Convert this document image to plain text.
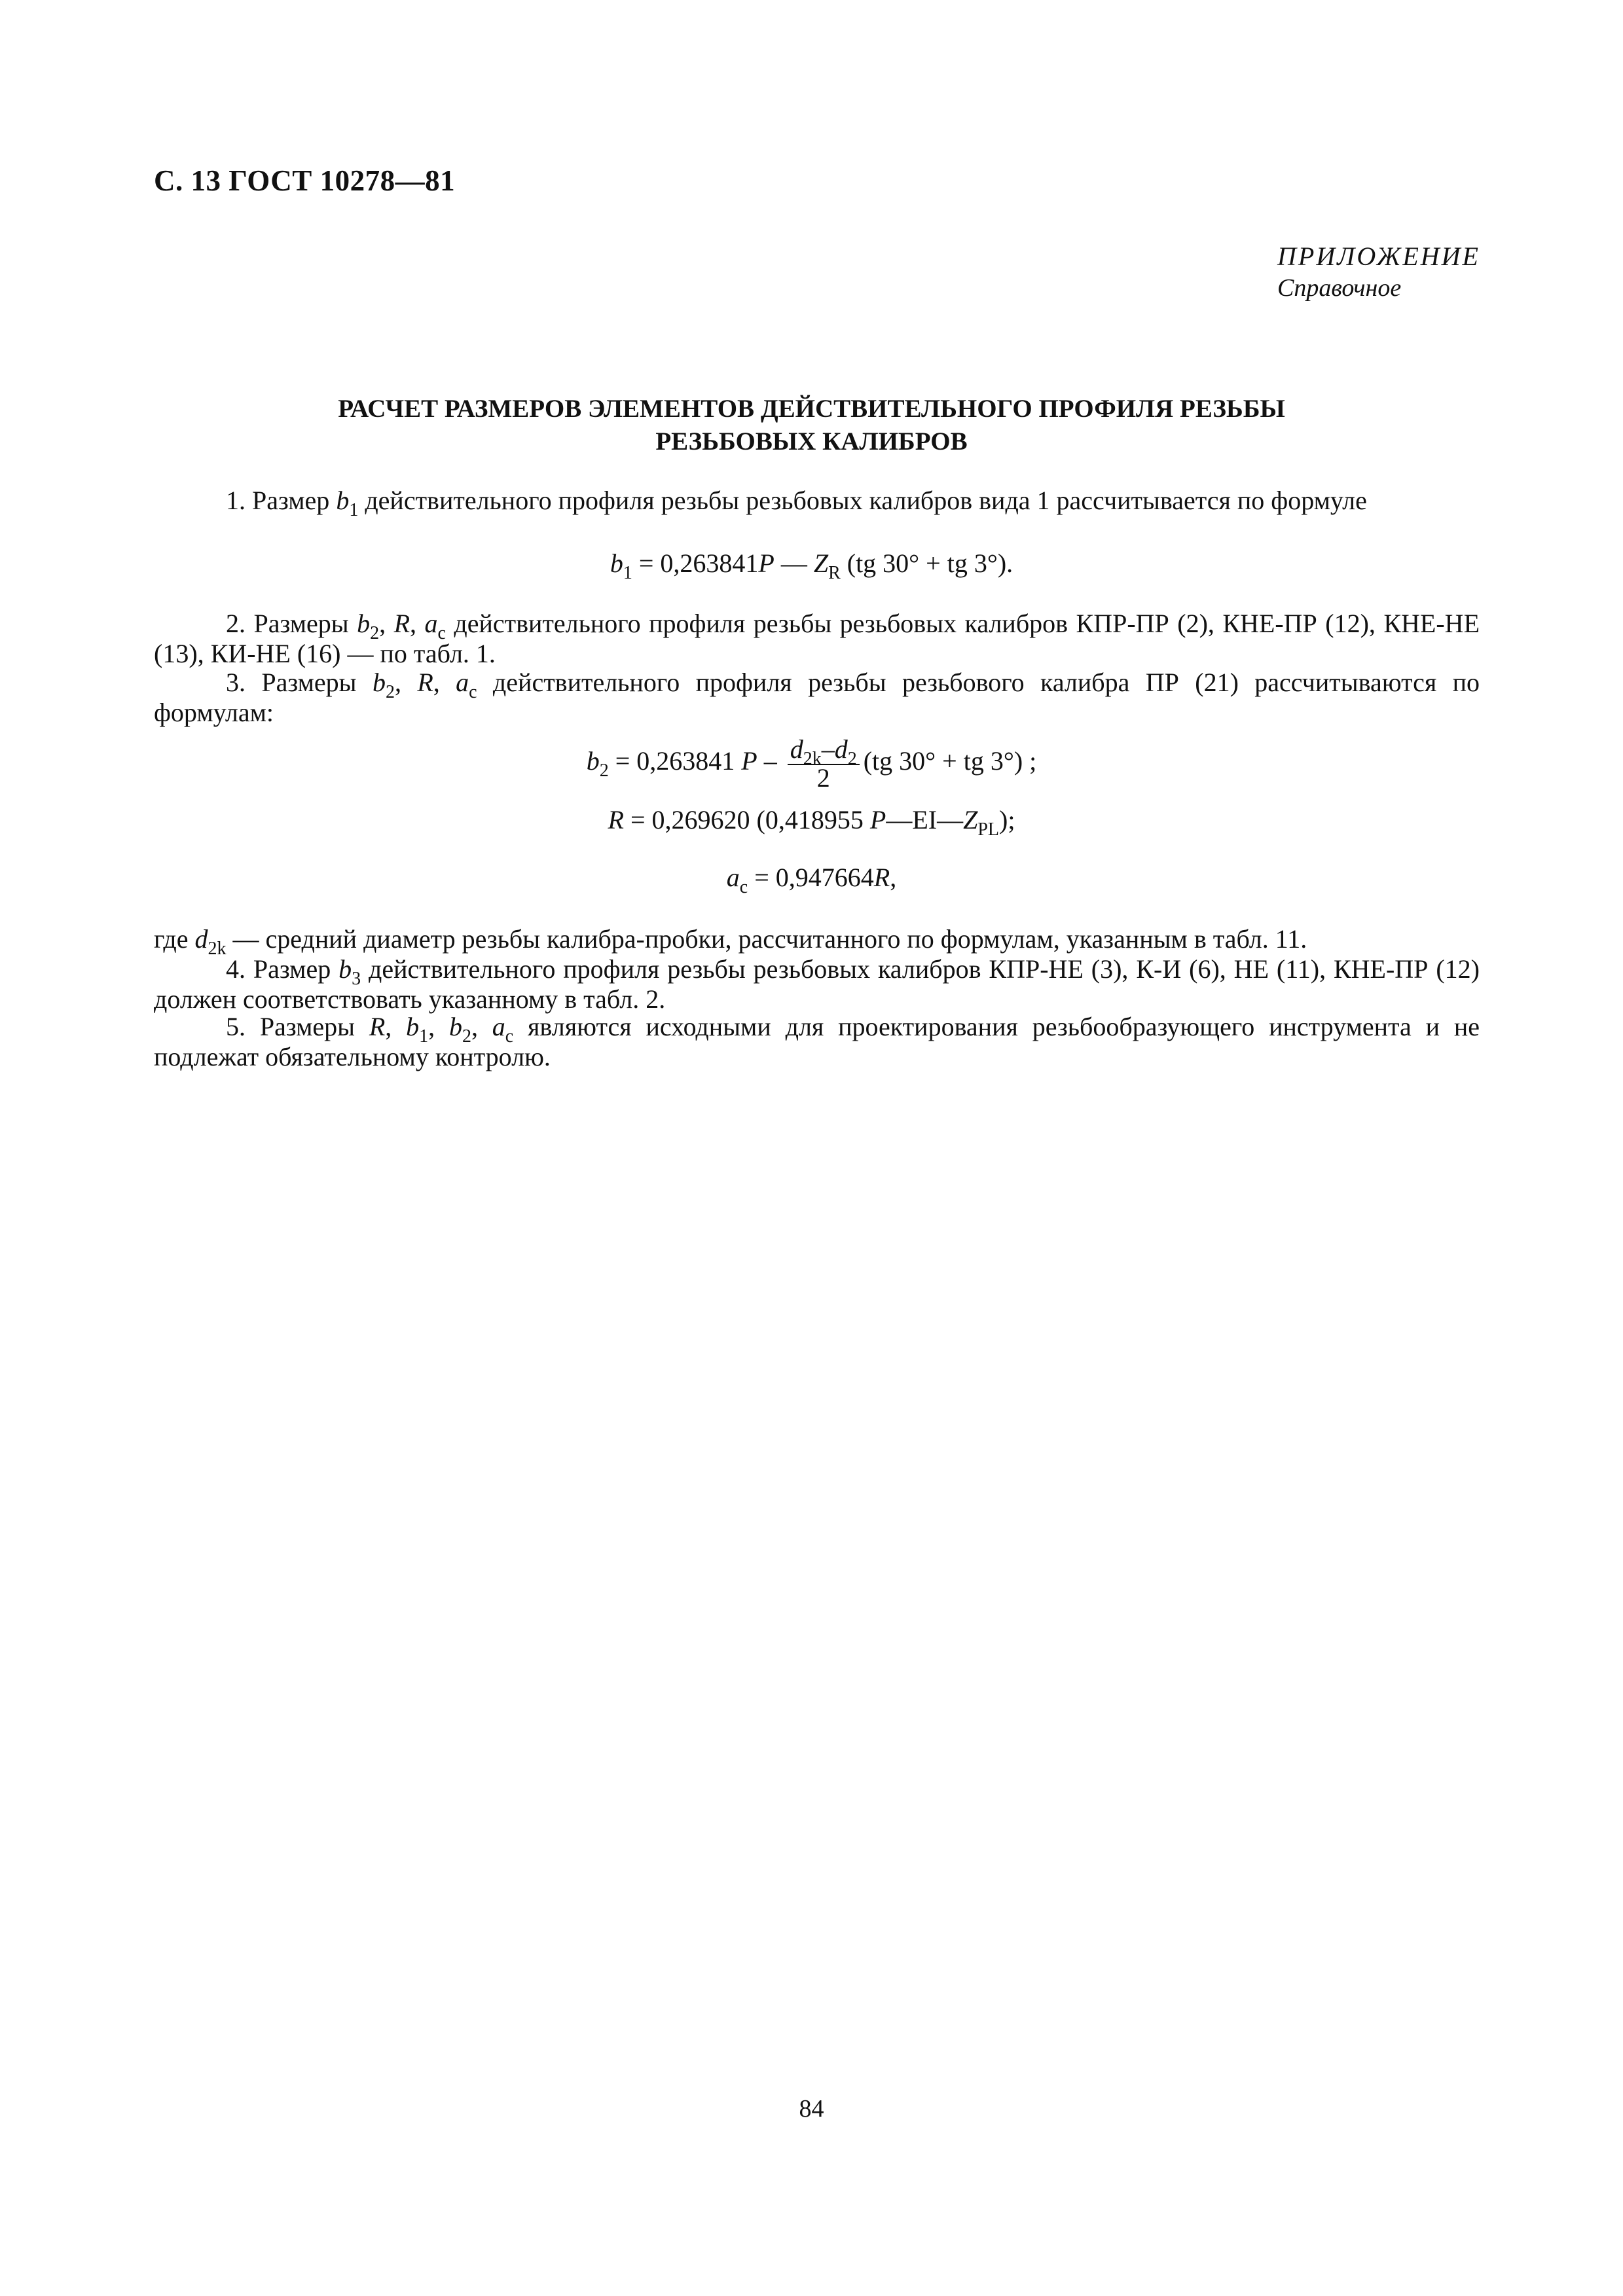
С. 13 ГОСТ 10278—81
ПРИЛОЖЕНИЕ
Справочное
РАСЧЕТ РАЗМЕРОВ ЭЛЕМЕНТОВ ДЕЙСТВИТЕЛЬНОГО ПРОФИЛЯ РЕЗЬБЫ
РЕЗЬБОВЫХ КАЛИБРОВ
1. Размер $b_1$ действительного профиля резьбы резьбовых калибров вида 1 рассчитывается по формуле
$b_1 = 0,263841P$ — $Z_R$ (tg 30° + tg 3°).
2. Размеры $b_2$, R, $a_c$ действительного профиля резьбы резьбовых калибров КПР-ПР (2), КНЕ-ПР (12), КНЕ-НЕ (13), КИ-НЕ (16) — по табл. 1.
3. Размеры $b_2$, R, $a_c$ действительного профиля резьбы резьбового калибра ПР (21) рассчитываются по формулам:
$b_2 = 0,263841$ P – $\frac{d_{2k}-d_2}{2} (tg$ 30° + tg 3°) ;
R = 0,269620 (0,418955 $P—EI—Z_{PL}$);
$a_c = 0,947664R$,
где $d_{2k}$ — средний диаметр резьбы калибра-пробки, рассчитанного по формулам, указанным в табл. 11.
4. Размер $b_3$ действительного профиля резьбы резьбовых калибров КПР-НЕ (3), К-И (6), НЕ (11), КНЕ-ПР (12) должен соответствовать указанному в табл. 2.
5. Размеры R, $b_1$, $b_2$, $a_c$ являются исходными для проектирования резьбообразующего инструмента и не подлежат обязательному контролю.
84
